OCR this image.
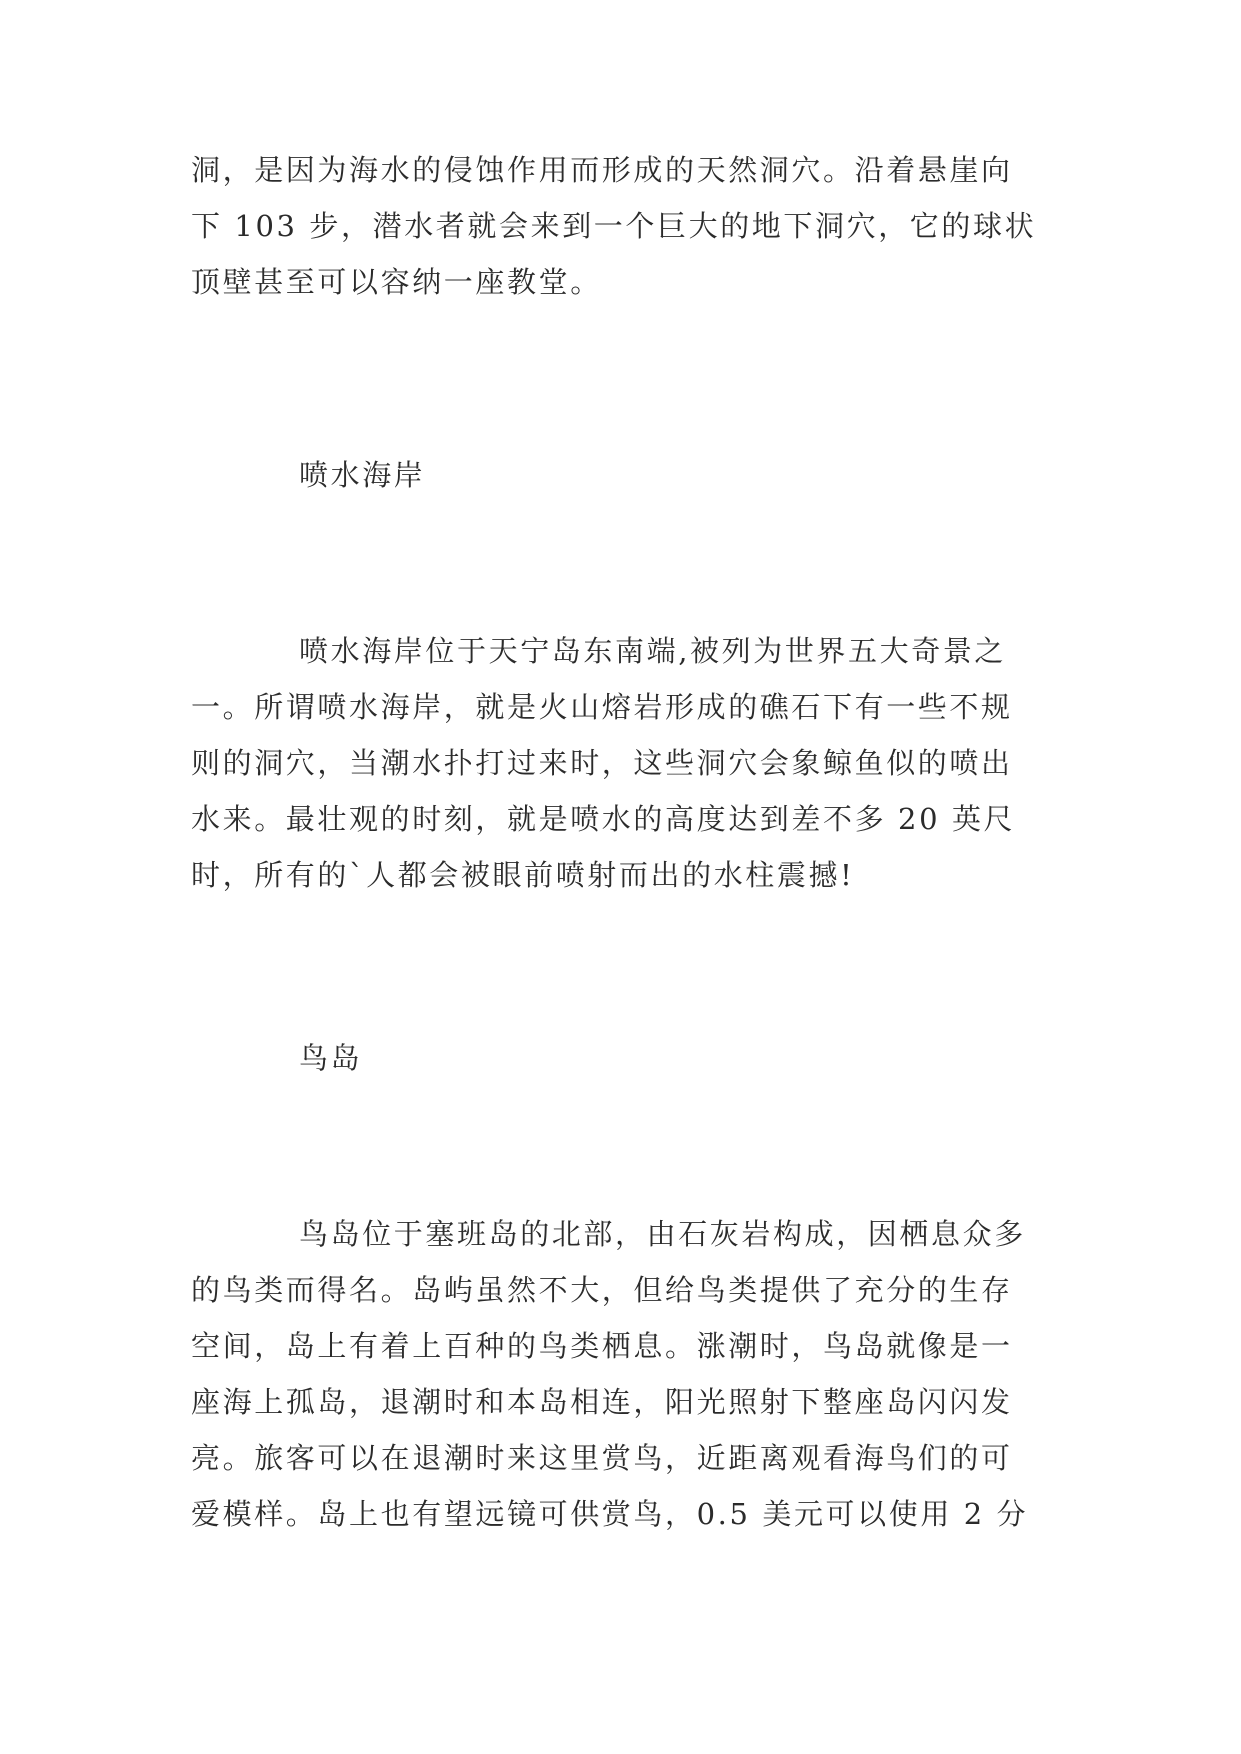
洞，是因为海水的侵蚀作用而形成的天然洞穴。沿着悬崖向
下 103 步，潜水者就会来到一个巨大的地下洞穴，它的球状
顶壁甚至可以容纳一座教堂。
喷水海岸
喷水海岸位于天宁岛东南端,被列为世界五大奇景之
一。所谓喷水海岸，就是火山熔岩形成的礁石下有一些不规
则的洞穴，当潮水扑打过来时，这些洞穴会象鲸鱼似的喷出
水来。最壮观的时刻，就是喷水的高度达到差不多 20 英尺
时，所有的`人都会被眼前喷射而出的水柱震撼!
鸟岛
鸟岛位于塞班岛的北部，由石灰岩构成，因栖息众多
的鸟类而得名。岛屿虽然不大，但给鸟类提供了充分的生存
空间，岛上有着上百种的鸟类栖息。涨潮时，鸟岛就像是一
座海上孤岛，退潮时和本岛相连，阳光照射下整座岛闪闪发
亮。旅客可以在退潮时来这里赏鸟，近距离观看海鸟们的可
爱模样。岛上也有望远镜可供赏鸟，0.5 美元可以使用 2 分
